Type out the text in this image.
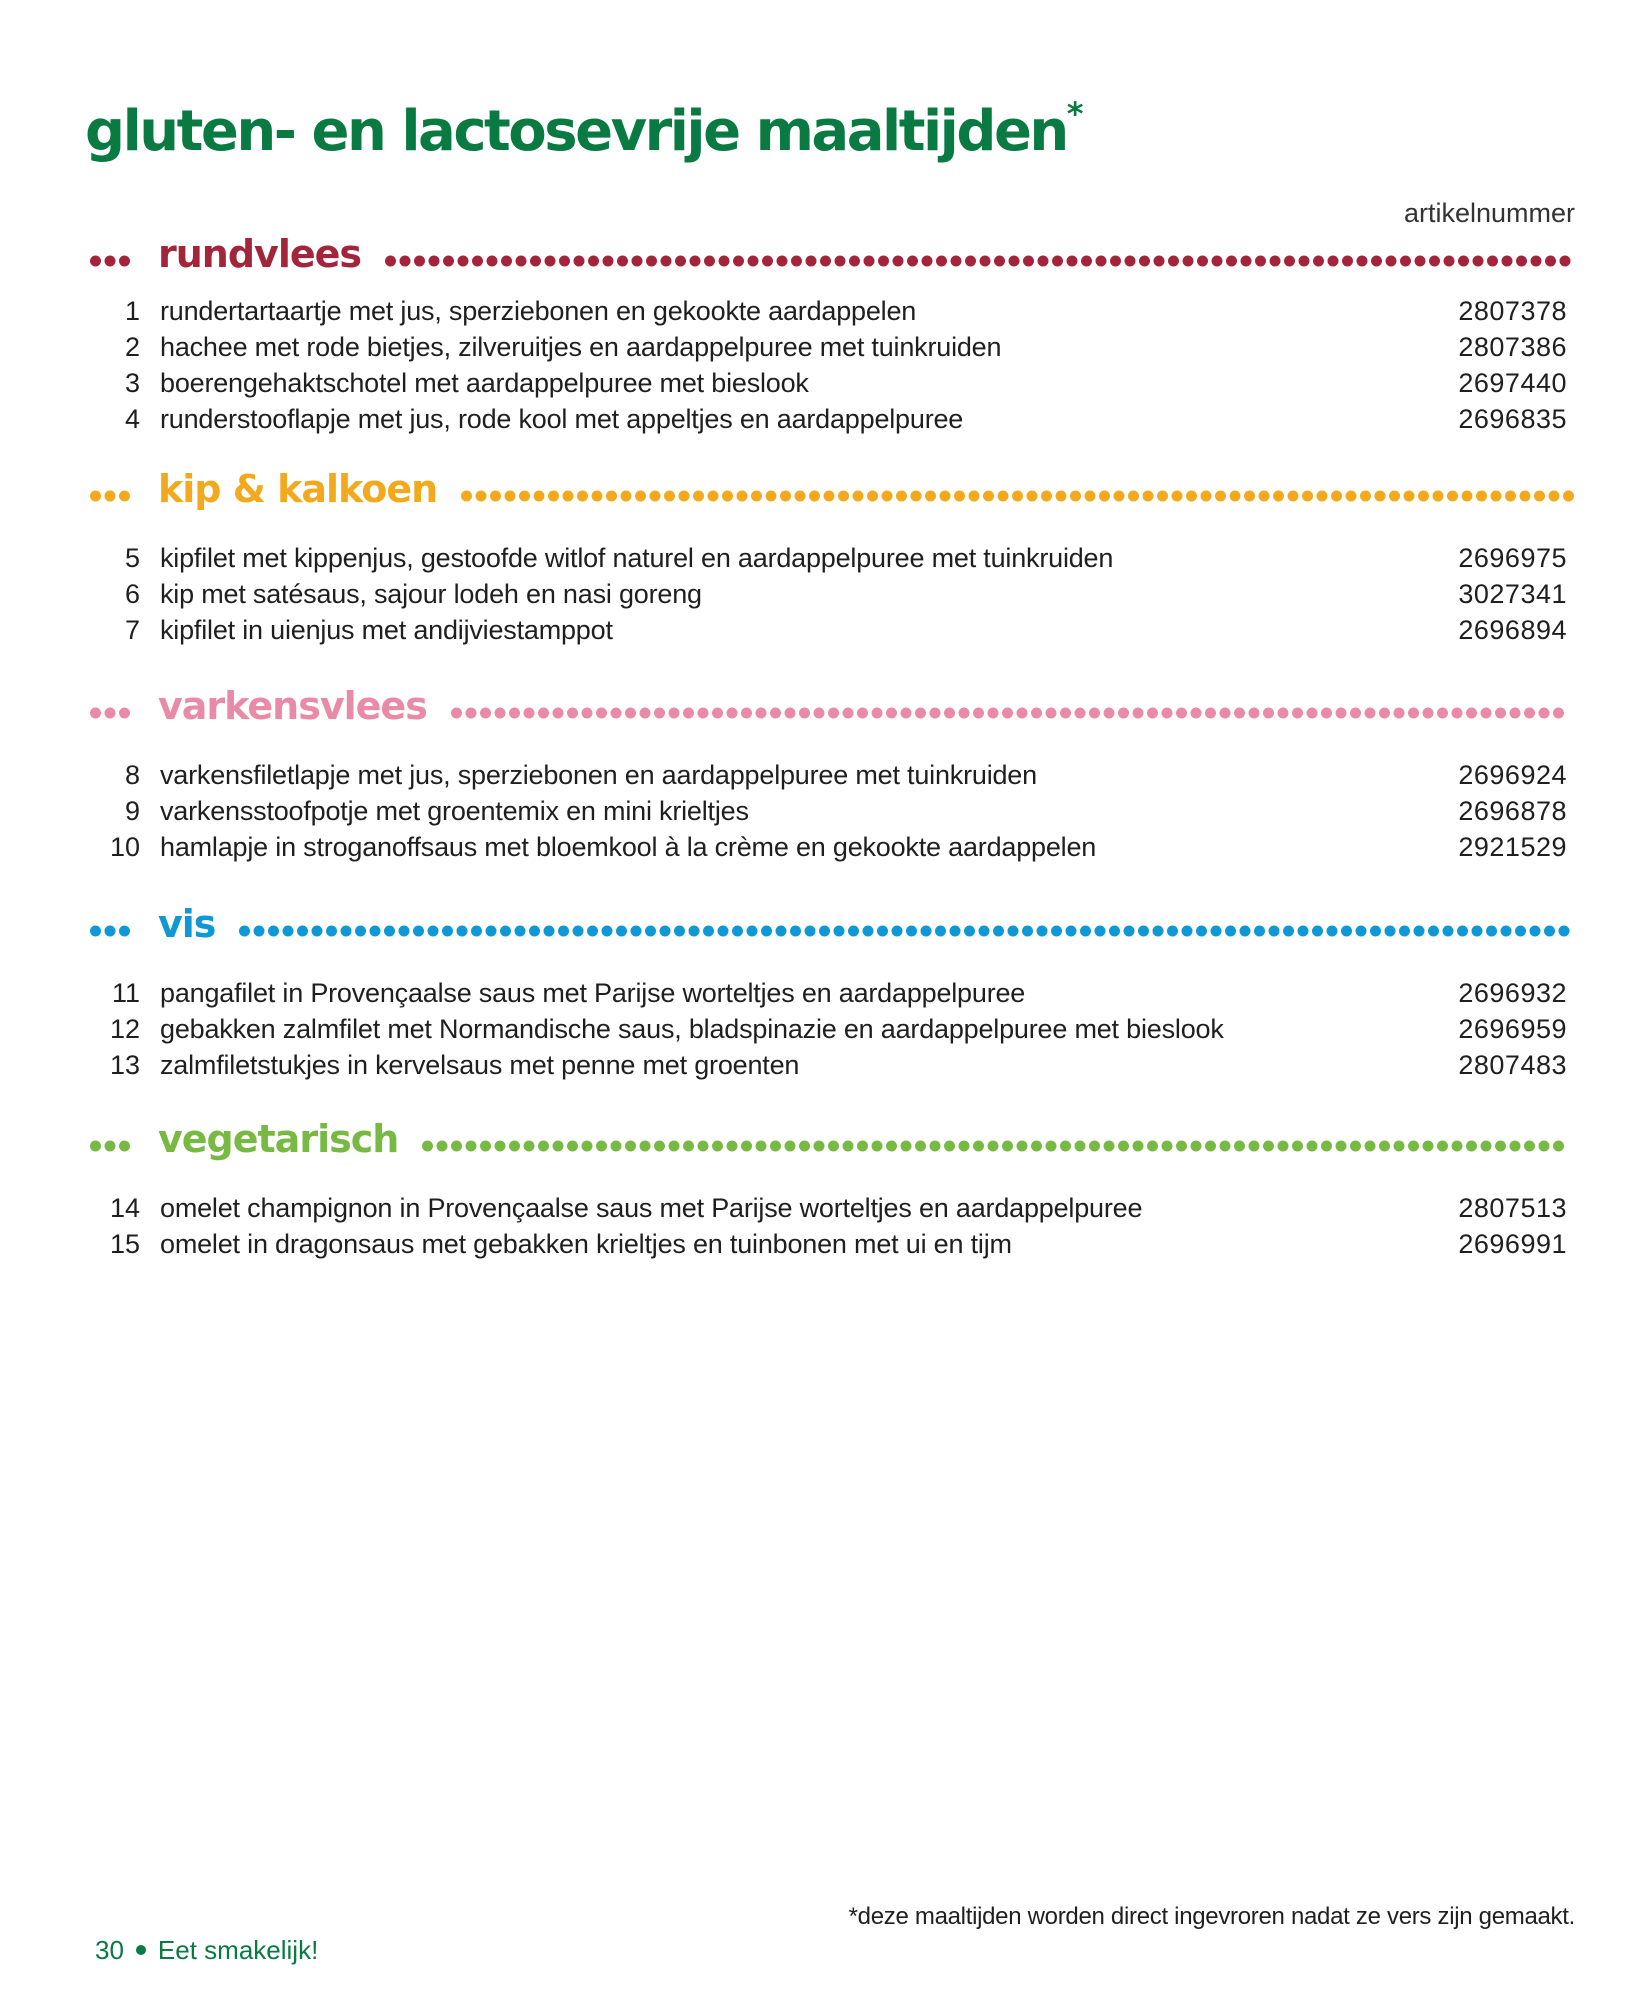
gluten- en lactosevrije maaltijden*
artikelnummer
rundvlees
1 rundertartaartje met jus, sperziebonen en gekookte aardappelen	2807378
2 hachee met rode bietjes, zilveruitjes en aardappelpuree met tuinkruiden	2807386
3 boerengehaktschotel met aardappelpuree met bieslook	2697440
4 runderstooflapje met jus, rode kool met appeltjes en aardappelpuree	2696835
kip & kalkoen
5 kipfilet met kippenjus, gestoofde witlof naturel en aardappelpuree met tuinkruiden	2696975
6 kip met satésaus, sajour lodeh en nasi goreng	3027341
7 kipfilet in uienjus met andijviestamppot	2696894
varkensvlees
8 varkensfiletlapje met jus, sperziebonen en aardappelpuree met tuinkruiden	2696924
9 varkensstoofpotje met groentemix en mini krieltjes	2696878
10 hamlapje in stroganoffsaus met bloemkool à la crème en gekookte aardappelen	2921529
vis
11 pangafilet in Provençaalse saus met Parijse worteltjes en aardappelpuree	2696932
12 gebakken zalmfilet met Normandische saus, bladspinazie en aardappelpuree met bieslook	2696959
13 zalmfiletstukjes in kervelsaus met penne met groenten	2807483
vegetarisch
14 omelet champignon in Provençaalse saus met Parijse worteltjes en aardappelpuree	2807513
15 omelet in dragonsaus met gebakken krieltjes en tuinbonen met ui en tijm	2696991
*deze maaltijden worden direct ingevroren nadat ze vers zijn gemaakt.
30 Eet smakelijk!
